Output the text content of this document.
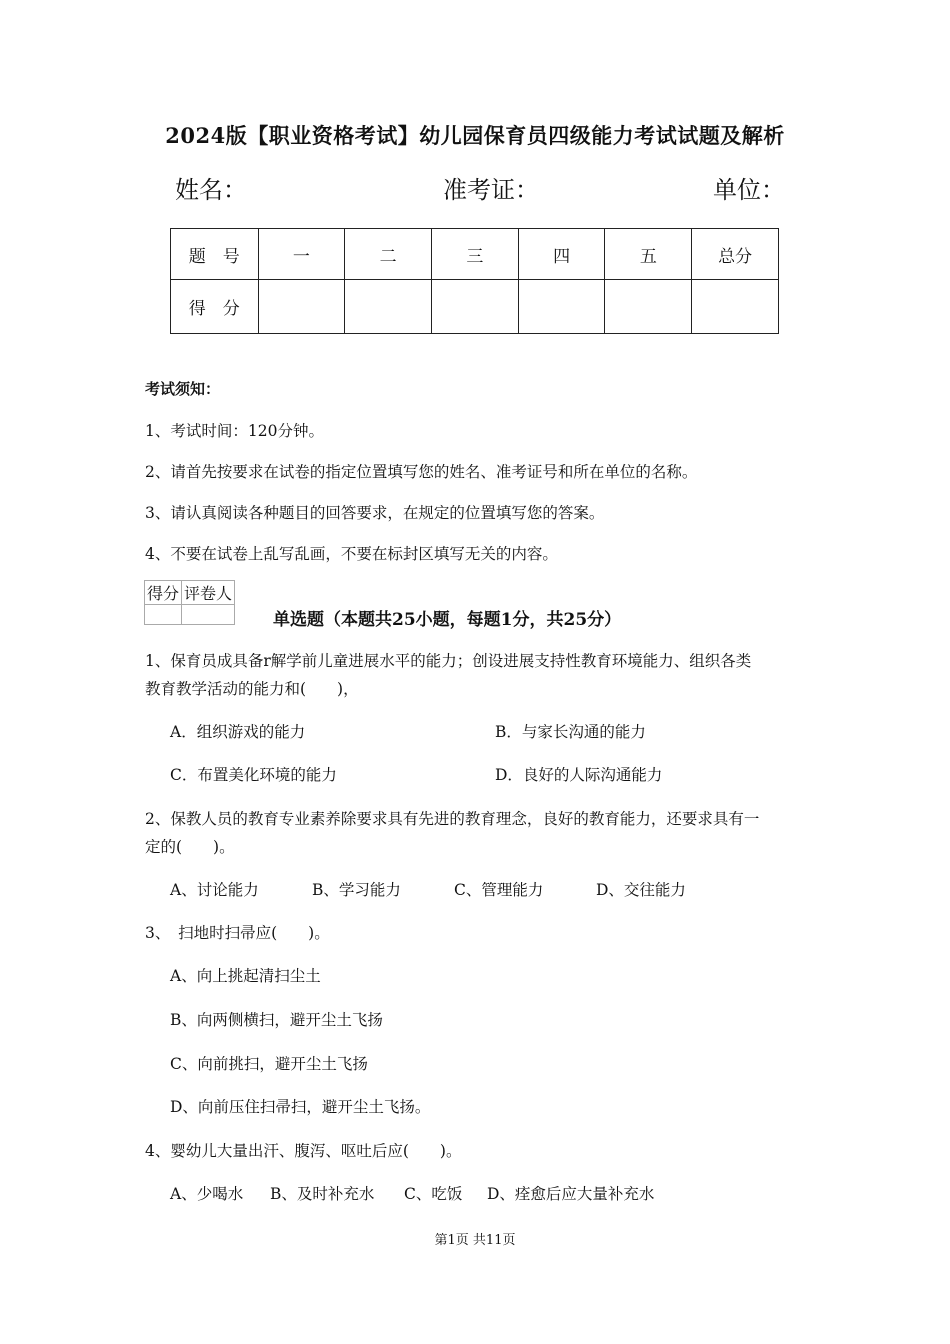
2024版【职业资格考试】幼儿园保育员四级能力考试试题及解析
姓名：	准考证：	单位：
题　号	一	二	三	四	五	总分
得　分						
考试须知：
1、考试时间：120分钟。
2、请首先按要求在试卷的指定位置填写您的姓名、准考证号和所在单位的名称。
3、请认真阅读各种题目的回答要求，在规定的位置填写您的答案。
4、不要在试卷上乱写乱画，不要在标封区填写无关的内容。
得分	评卷人

单选题（本题共25小题，每题1分，共25分）
1、保育员成具备r解学前儿童进展水平的能力；创设进展支持性教育环境能力、组织各类
教育教学活动的能力和(　　)，
A．组织游戏的能力	B．与家长沟通的能力
C．布置美化环境的能力	D．良好的人际沟通能力
2、保教人员的教育专业素养除要求具有先进的教育理念，良好的教育能力，还要求具有一
定的(　　)。
A、讨论能力	B、学习能力	C、管理能力	D、交往能力
3、　扫地时扫帚应(　　)。
A、向上挑起清扫尘土
B、向两侧横扫，避开尘土飞扬
C、向前挑扫，避开尘土飞扬
D、向前压住扫帚扫，避开尘土飞扬。
4、婴幼儿大量出汗、腹泻、呕吐后应(　　)。
A、少喝水 B、及时补充水 C、吃饭 D、痊愈后应大量补充水
第1页 共11页
